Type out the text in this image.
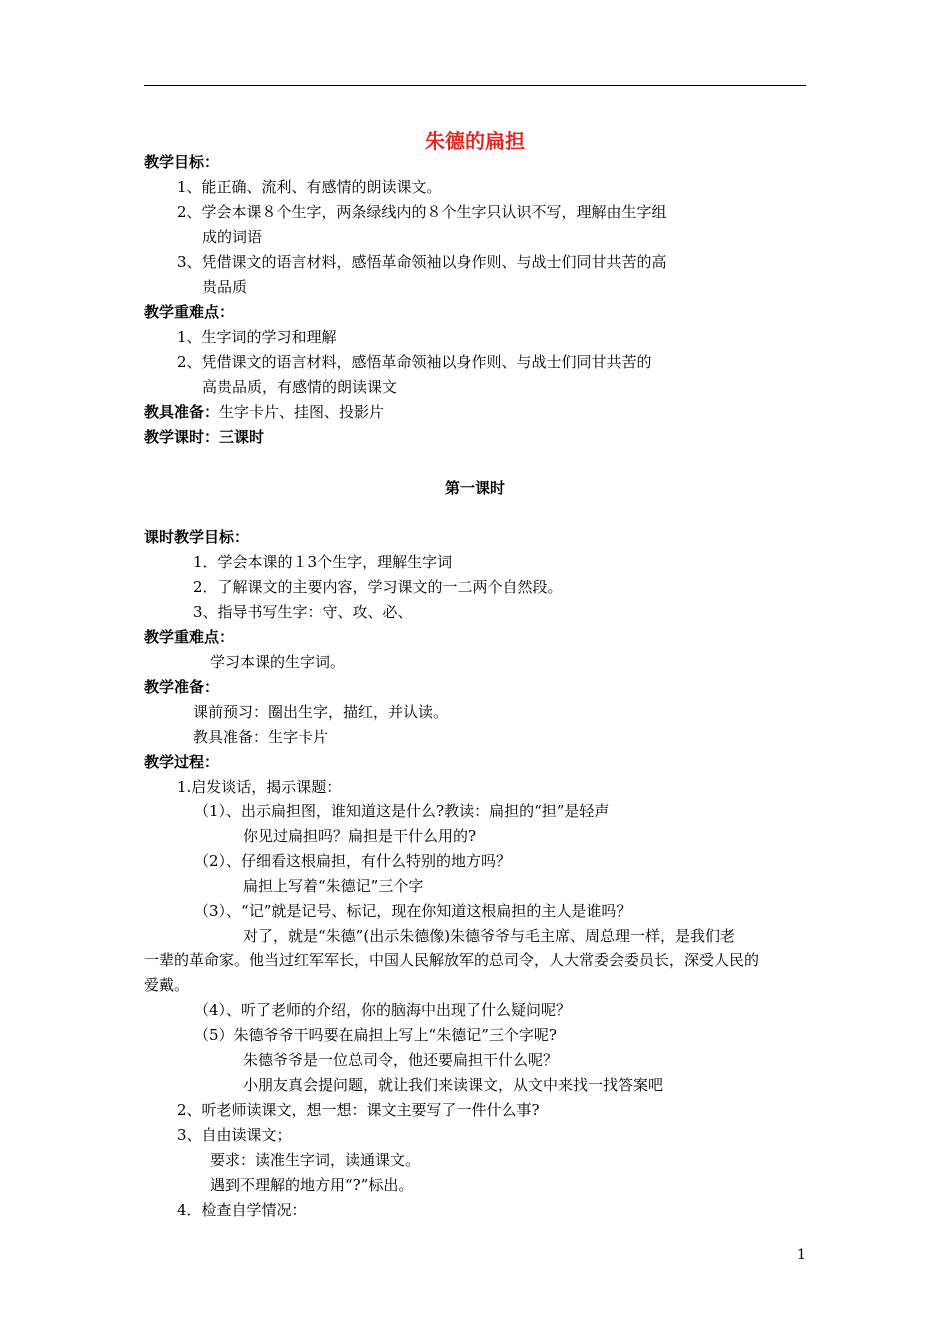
朱德的扁担
教学目标：
1、能正确、流利、有感情的朗读课文。
2、学会本课８个生字，两条绿线内的８个生字只认识不写，理解由生字组
成的词语
3、凭借课文的语言材料，感悟革命领袖以身作则、与战士们同甘共苦的高
贵品质
教学重难点：
1、生字词的学习和理解
2、凭借课文的语言材料，感悟革命领袖以身作则、与战士们同甘共苦的
高贵品质，有感情的朗读课文
教具准备：生字卡片、挂图、投影片
教学课时：三课时
第一课时
课时教学目标：
1．学会本课的１3个生字，理解生字词
2．了解课文的主要内容，学习课文的一二两个自然段。
3、指导书写生字：守、攻、必、
教学重难点：
学习本课的生字词。
教学准备：
课前预习：圈出生字，描红，并认读。
教具准备：生字卡片
教学过程：
1.启发谈话，揭示课题：
（1）、出示扁担图，谁知道这是什么?教读：扁担的“担”是轻声
你见过扁担吗？扁担是干什么用的?
（2）、仔细看这根扁担，有什么特别的地方吗？
扁担上写着“朱德记”三个字
（3）、“记”就是记号、标记，现在你知道这根扁担的主人是谁吗？
对了，就是“朱德”(出示朱德像)朱德爷爷与毛主席、周总理一样，是我们老
一辈的革命家。他当过红军军长，中国人民解放军的总司令，人大常委会委员长，深受人民的
爱戴。
（4）、听了老师的介绍，你的脑海中出现了什么疑问呢？
（5）朱德爷爷干吗要在扁担上写上“朱德记”三个字呢?
朱德爷爷是一位总司令，他还要扁担干什么呢？
小朋友真会提问题，就让我们来读课文，从文中来找一找答案吧
2、听老师读课文，想一想：课文主要写了一件什么事?
3、自由读课文；
要求：读准生字词，读通课文。
遇到不理解的地方用“?”标出。
4．检查自学情况：
1
